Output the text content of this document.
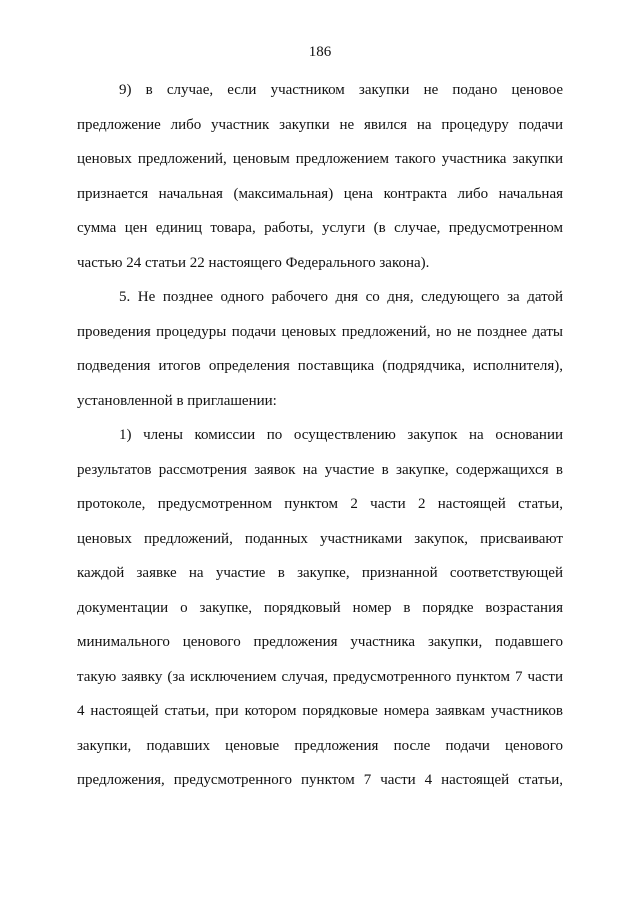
186
9) в случае, если участником закупки не подано ценовое
предложение либо участник закупки не явился на процедуру подачи
ценовых предложений, ценовым предложением такого участника закупки
признается начальная (максимальная) цена контракта либо начальная
сумма цен единиц товара, работы, услуги (в случае, предусмотренном
частью 24 статьи 22 настоящего Федерального закона).
5. Не позднее одного рабочего дня со дня, следующего за датой
проведения процедуры подачи ценовых предложений, но не позднее даты
подведения итогов определения поставщика (подрядчика, исполнителя),
установленной в приглашении:
1) члены комиссии по осуществлению закупок на основании
результатов рассмотрения заявок на участие в закупке, содержащихся в
протоколе, предусмотренном пунктом 2 части 2 настоящей статьи,
ценовых предложений, поданных участниками закупок, присваивают
каждой заявке на участие в закупке, признанной соответствующей
документации о закупке, порядковый номер в порядке возрастания
минимального ценового предложения участника закупки, подавшего
такую заявку (за исключением случая, предусмотренного пунктом 7 части
4 настоящей статьи, при котором порядковые номера заявкам участников
закупки, подавших ценовые предложения после подачи ценового
предложения, предусмотренного пунктом 7 части 4 настоящей статьи,
